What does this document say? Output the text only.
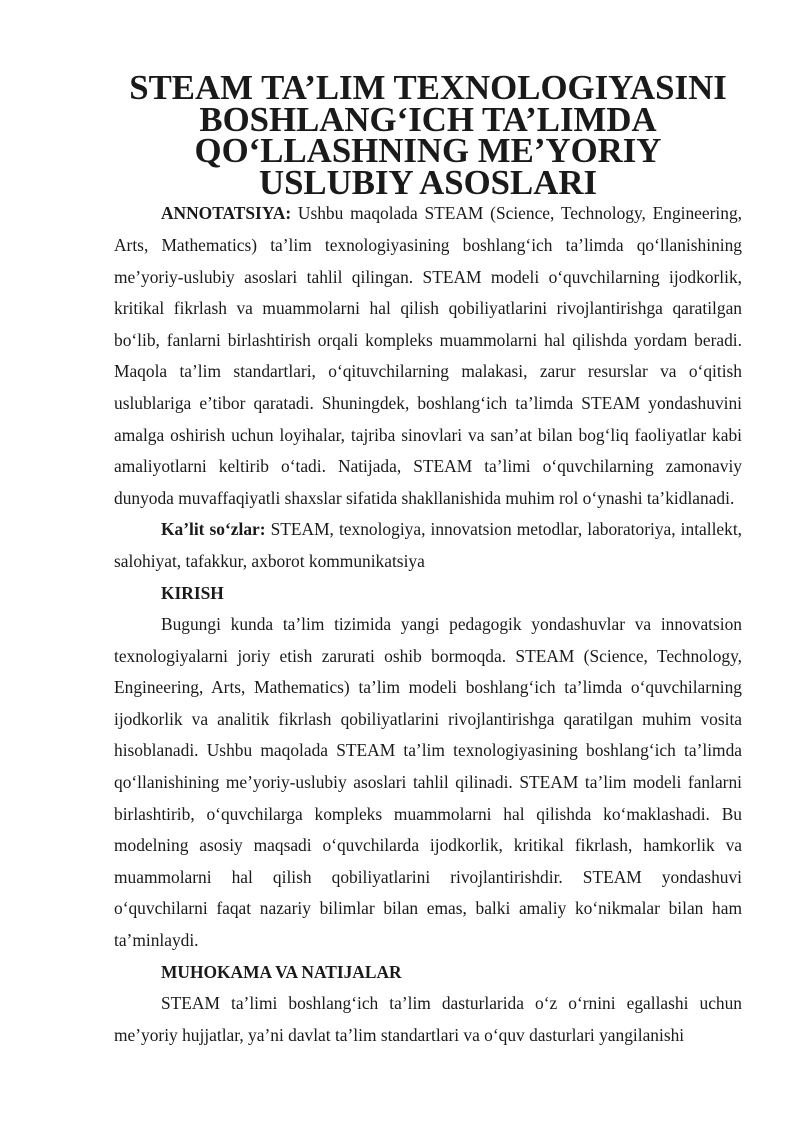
STEAM TA’LIM TEXNOLOGIYASINI BOSHLANG‘ICH TA’LIMDA
QO‘LLASHNING ME’YORIY USLUBIY ASOSLARI

ANNOTATSIYA: Ushbu maqolada STEAM (Science, Technology, Engineering, Arts, Mathematics) ta’lim texnologiyasining boshlang‘ich ta’limda qo‘llanishining me’yoriy-uslubiy asoslari tahlil qilingan. STEAM modeli o‘quvchilarning ijodkorlik, kritikal fikrlash va muammolarni hal qilish qobiliyatlarini rivojlantirishga qaratilgan bo‘lib, fanlarni birlashtirish orqali kompleks muammolarni hal qilishda yordam beradi. Maqola ta’lim standartlari, o‘qituvchilarning malakasi, zarur resurslar va o‘qitish uslublariga e’tibor qaratadi. Shuningdek, boshlang‘ich ta’limda STEAM yondashuvini amalga oshirish uchun loyihalar, tajriba sinovlari va san’at bilan bog‘liq faoliyatlar kabi amaliyotlarni keltirib o‘tadi. Natijada, STEAM ta’limi o‘quvchilarning zamonaviy dunyoda muvaffaqiyatli shaxslar sifatida shakllanishida muhim rol o‘ynashi ta’kidlanadi.

Ka’lit so‘zlar: STEAM, texnologiya, innovatsion metodlar, laboratoriya, intallekt, salohiyat, tafakkur, axborot kommunikatsiya

KIRISH

Bugungi kunda ta’lim tizimida yangi pedagogik yondashuvlar va innovatsion texnologiyalarni joriy etish zarurati oshib bormoqda. STEAM (Science, Technology, Engineering, Arts, Mathematics) ta’lim modeli boshlang‘ich ta’limda o‘quvchilarning ijodkorlik va analitik fikrlash qobiliyatlarini rivojlantirishga qaratilgan muhim vosita hisoblanadi. Ushbu maqolada STEAM ta’lim texnologiyasining boshlang‘ich ta’limda qo‘llanishining me’yoriy-uslubiy asoslari tahlil qilinadi. STEAM ta’lim modeli fanlarni birlashtirib, o‘quvchilarga kompleks muammolarni hal qilishda ko‘maklashadi. Bu modelning asosiy maqsadi o‘quvchilarda ijodkorlik, kritikal fikrlash, hamkorlik va muammolarni hal qilish qobiliyatlarini rivojlantirishdir. STEAM yondashuvi o‘quvchilarni faqat nazariy bilimlar bilan emas, balki amaliy ko‘nikmalar bilan ham ta’minlaydi.

MUHOKAMA VA NATIJALAR

STEAM ta’limi boshlang‘ich ta’lim dasturlarida o‘z o‘rnini egallashi uchun me’yoriy hujjatlar, ya’ni davlat ta’lim standartlari va o‘quv dasturlari yangilanishi
